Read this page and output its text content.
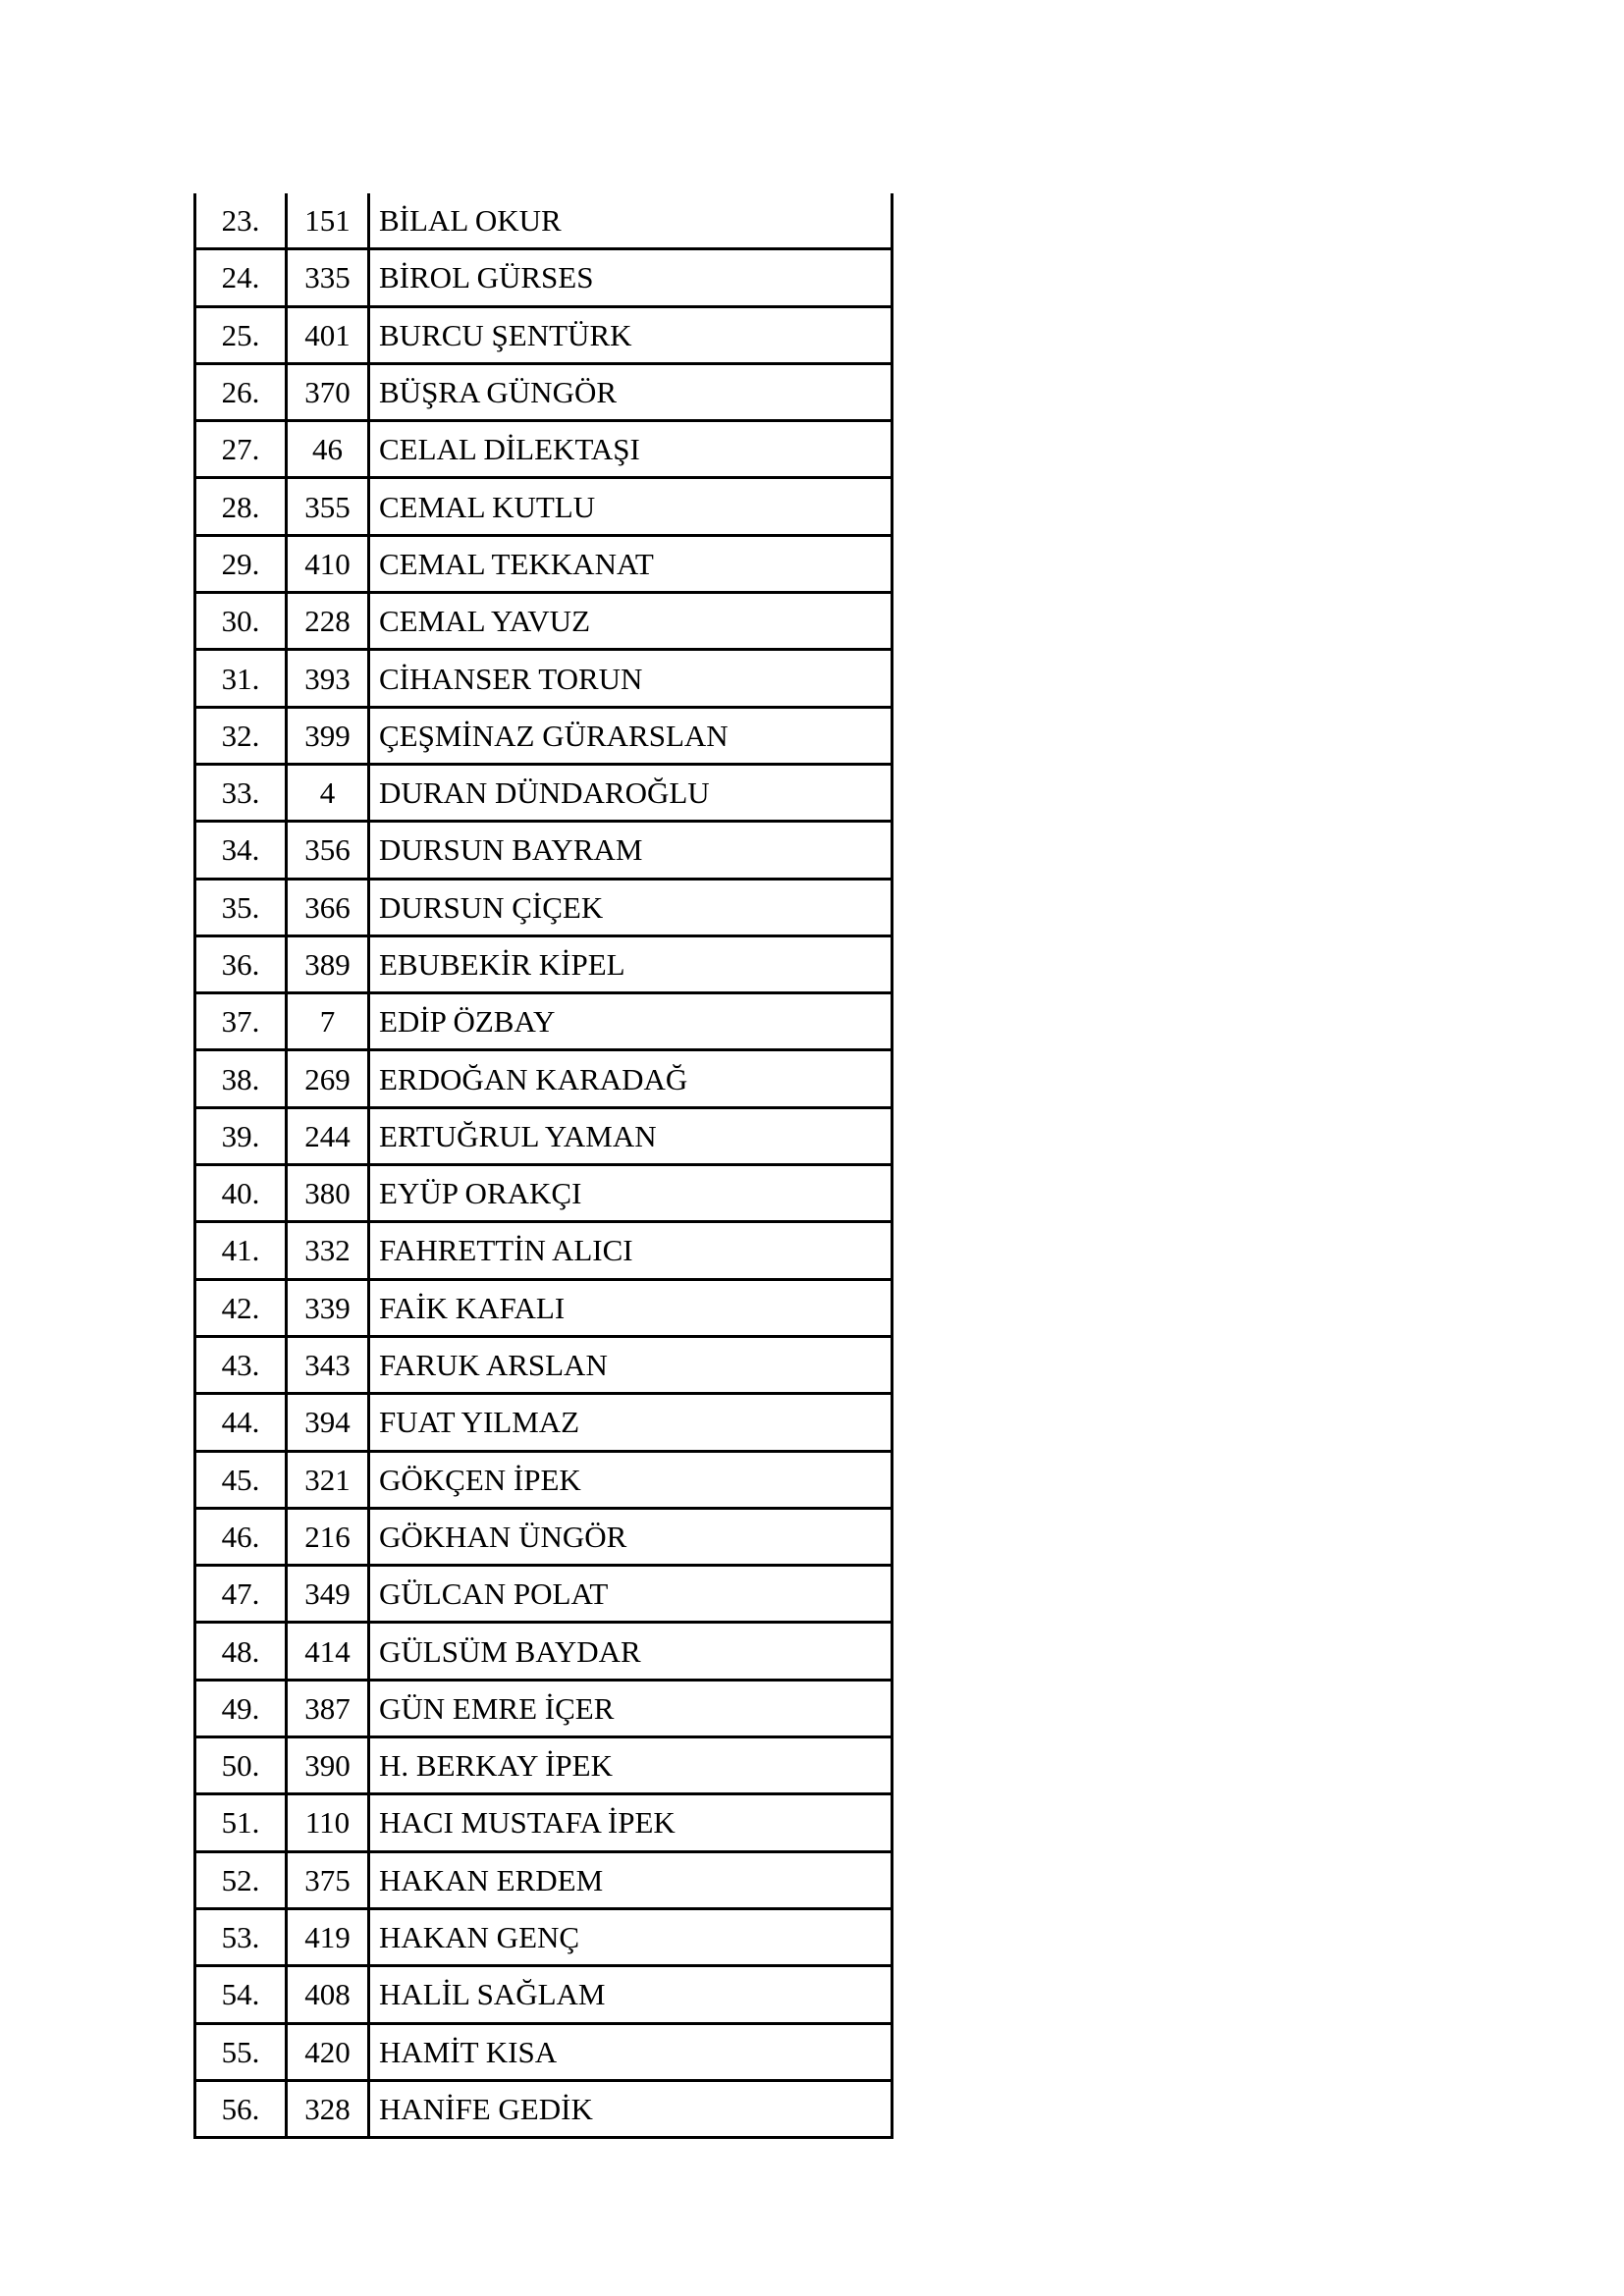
23.	151	BİLAL OKUR
24.	335	BİROL GÜRSES
25.	401	BURCU ŞENTÜRK
26.	370	BÜŞRA GÜNGÖR
27.	46	CELAL DİLEKTAŞI
28.	355	CEMAL KUTLU
29.	410	CEMAL TEKKANAT
30.	228	CEMAL YAVUZ
31.	393	CİHANSER TORUN
32.	399	ÇEŞMİNAZ GÜRARSLAN
33.	4	DURAN DÜNDAROĞLU
34.	356	DURSUN BAYRAM
35.	366	DURSUN ÇİÇEK
36.	389	EBUBEKİR KİPEL
37.	7	EDİP ÖZBAY
38.	269	ERDOĞAN KARADAĞ
39.	244	ERTUĞRUL YAMAN
40.	380	EYÜP ORAKÇI
41.	332	FAHRETTİN ALICI
42.	339	FAİK KAFALI
43.	343	FARUK ARSLAN
44.	394	FUAT YILMAZ
45.	321	GÖKÇEN İPEK
46.	216	GÖKHAN ÜNGÖR
47.	349	GÜLCAN POLAT
48.	414	GÜLSÜM BAYDAR
49.	387	GÜN EMRE İÇER
50.	390	H. BERKAY İPEK
51.	110	HACI MUSTAFA İPEK
52.	375	HAKAN ERDEM
53.	419	HAKAN GENÇ
54.	408	HALİL SAĞLAM
55.	420	HAMİT KISA
56.	328	HANİFE GEDİK
